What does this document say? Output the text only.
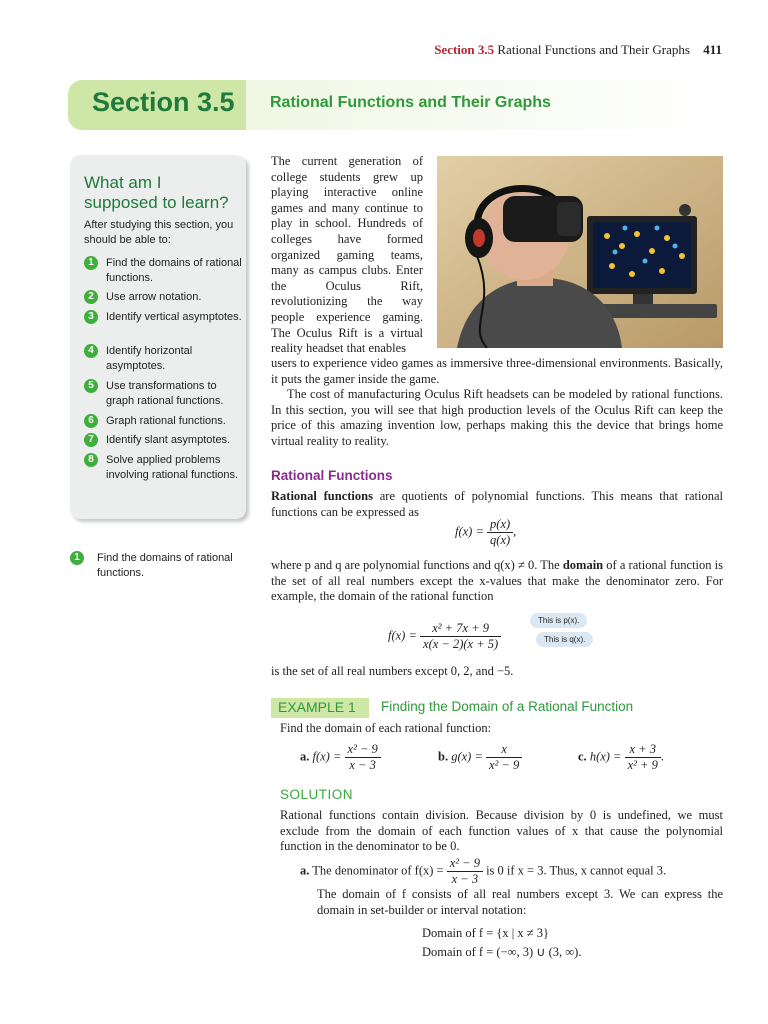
Section 3.5 Rational Functions and Their Graphs 411
Section 3.5 Rational Functions and Their Graphs
What am I supposed to learn?
After studying this section, you should be able to:
1	Find the domains of rational functions.
2	Use arrow notation.
3	Identify vertical asymptotes.
4	Identify horizontal asymptotes.
5	Use transformations to graph rational functions.
6	Graph rational functions.
7	Identify slant asymptotes.
8	Solve applied problems involving rational functions.
1	Find the domains of rational functions.
The current generation of college students grew up playing interactive online games and many continue to play in school. Hundreds of colleges have formed organized gaming teams, many as campus clubs. Enter the Oculus Rift, revolutionizing the way people experience gaming. The Oculus Rift is a virtual reality headset that enables
users to experience video games as immersive three-dimensional environments. Basically, it puts the gamer inside the game.
The cost of manufacturing Oculus Rift headsets can be modeled by rational functions. In this section, you will see that high production levels of the Oculus Rift can keep the price of this amazing invention low, perhaps making this the device that brings home virtual reality to reality.
Rational Functions
Rational functions are quotients of polynomial functions. This means that rational functions can be expressed as
$f(x) = \frac{p(x)}{q(x)}$ ,
where p and q are polynomial functions and q(x) ≠ 0. The domain of a rational function is the set of all real numbers except the x-values that make the denominator zero. For example, the domain of the rational function
$f(x) = \frac{\text{x² + 7x + 9}}{x(x - 2)(x + 5)}$
This is p(x).
This is q(x).
is the set of all real numbers except 0, 2, and −5.
EXAMPLE 1 Finding the Domain of a Rational Function
Find the domain of each rational function:
a. $f(x) = \frac{\text{x² − 9}}{x - 3}$	b. $g(x) = \frac{x}{\text{x² − 9}}$	c. $h(x) = \frac{x + 3}{\text{x² + 9}}$ .
SOLUTION
Rational functions contain division. Because division by 0 is undefined, we must exclude from the domain of each function values of x that cause the polynomial function in the denominator to be 0.
a. The denominator of $f(x) = \frac{\text{x² − 9}}{x - 3}$ is 0 if x = 3. Thus, x cannot equal 3.
The domain of f consists of all real numbers except 3. We can express the domain in set-builder or interval notation:
Domain of f = {x | x ≠ 3}
Domain of f = (−∞, 3) ∪ (3, ∞).
